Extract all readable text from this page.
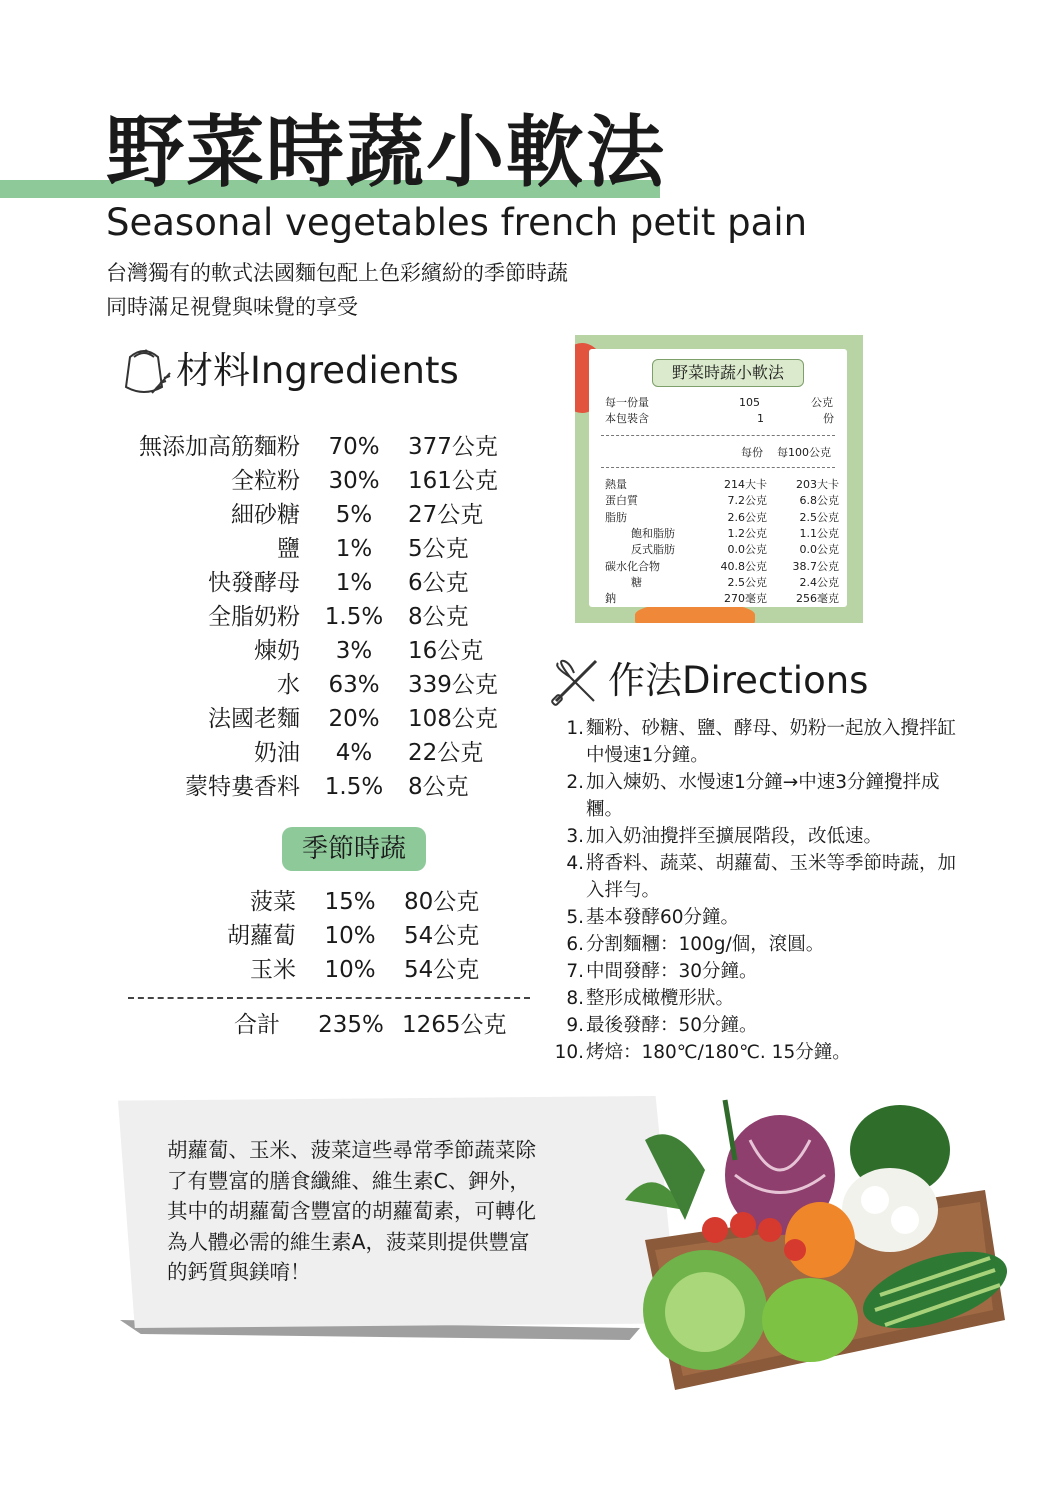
野菜時蔬小軟法
Seasonal vegetables french petit pain
台灣獨有的軟式法國麵包配上色彩繽紛的季節時蔬
同時滿足視覺與味覺的享受
材料Ingredients
無添加高筋麵粉	70%	377公克
全粒粉	30%	161公克
細砂糖	5%	27公克
鹽	1%	5公克
快發酵母	1%	6公克
全脂奶粉	1.5%	8公克
煉奶	3%	16公克
水	63%	339公克
法國老麵	20%	108公克
奶油	4%	22公克
蒙特婁香料	1.5%	8公克
季節時蔬
菠菜	15%	80公克
胡蘿蔔	10%	54公克
玉米	10%	54公克
合計	235% 1265公克
野菜時蔬小軟法
每一份量	105	公克
本包裝含	1	份
每份 每100公克
熱量	214大卡	203大卡
蛋白質	7.2公克	6.8公克
脂肪	2.6公克	2.5公克
飽和脂肪	1.2公克	1.1公克
反式脂肪	0.0公克	0.0公克
碳水化合物	40.8公克	38.7公克
糖	2.5公克	2.4公克
鈉	270毫克	256毫克
作法Directions
1. 麵粉、砂糖、鹽、酵母、奶粉一起放入攪拌缸中慢速1分鐘。
2. 加入煉奶、水慢速1分鐘→中速3分鐘攪拌成糰。
3. 加入奶油攪拌至擴展階段，改低速。
4. 將香料、蔬菜、胡蘿蔔、玉米等季節時蔬，加入拌勻。
5. 基本發酵60分鐘。
6. 分割麵糰：100g/個，滾圓。
7. 中間發酵：30分鐘。
8. 整形成橄欖形狀。
9. 最後發酵：50分鐘。
10. 烤焙：180℃/180℃. 15分鐘。
胡蘿蔔、玉米、菠菜這些尋常季節蔬菜除
了有豐富的膳食纖維、維生素C、鉀外，
其中的胡蘿蔔含豐富的胡蘿蔔素，可轉化
為人體必需的維生素A，菠菜則提供豐富
的鈣質與鎂唷！
